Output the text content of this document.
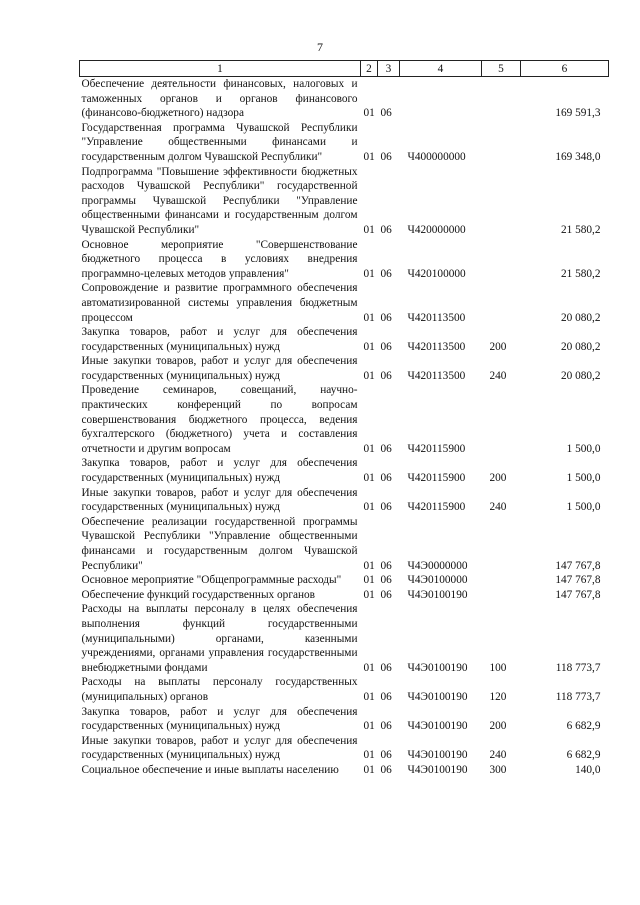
7
1	2	3	4	5	6
Обеспечение деятельности финансовых, налоговых и таможенных органов и органов финансового (финансово-бюджетного) надзора	01	06			169 591,3
Государственная программа Чувашской Республики "Управление общественными финансами и государственным долгом Чувашской Республики"	01	06	Ч400000000		169 348,0
Подпрограмма "Повышение эффективности бюджетных расходов Чувашской Республики" государственной программы Чувашской Республики "Управление общественными финансами и государственным долгом Чувашской Республики"	01	06	Ч420000000		21 580,2
Основное мероприятие "Совершенствование бюджетного процесса в условиях внедрения программно-целевых методов управления"	01	06	Ч420100000		21 580,2
Сопровождение и развитие программного обеспечения автоматизированной системы управления бюджетным процессом	01	06	Ч420113500		20 080,2
Закупка товаров, работ и услуг для обеспечения государственных (муниципальных) нужд	01	06	Ч420113500	200	20 080,2
Иные закупки товаров, работ и услуг для обеспечения государственных (муниципальных) нужд	01	06	Ч420113500	240	20 080,2
Проведение семинаров, совещаний, научно-практических конференций по вопросам совершенствования бюджетного процесса, ведения бухгалтерского (бюджетного) учета и составления отчетности и другим вопросам	01	06	Ч420115900		1 500,0
Закупка товаров, работ и услуг для обеспечения государственных (муниципальных) нужд	01	06	Ч420115900	200	1 500,0
Иные закупки товаров, работ и услуг для обеспечения государственных (муниципальных) нужд	01	06	Ч420115900	240	1 500,0
Обеспечение реализации государственной программы Чувашской Республики "Управление общественными финансами и государственным долгом Чувашской Республики"	01	06	Ч4Э0000000		147 767,8
Основное мероприятие "Общепрограммные расходы"	01	06	Ч4Э0100000		147 767,8
Обеспечение функций государственных органов	01	06	Ч4Э0100190		147 767,8
Расходы на выплаты персоналу в целях обеспечения выполнения функций государственными (муниципальными) органами, казенными учреждениями, органами управления государственными внебюджетными фондами	01	06	Ч4Э0100190	100	118 773,7
Расходы на выплаты персоналу государственных (муниципальных) органов	01	06	Ч4Э0100190	120	118 773,7
Закупка товаров, работ и услуг для обеспечения государственных (муниципальных) нужд	01	06	Ч4Э0100190	200	6 682,9
Иные закупки товаров, работ и услуг для обеспечения государственных (муниципальных) нужд	01	06	Ч4Э0100190	240	6 682,9
Социальное обеспечение и иные выплаты населению	01	06	Ч4Э0100190	300	140,0
